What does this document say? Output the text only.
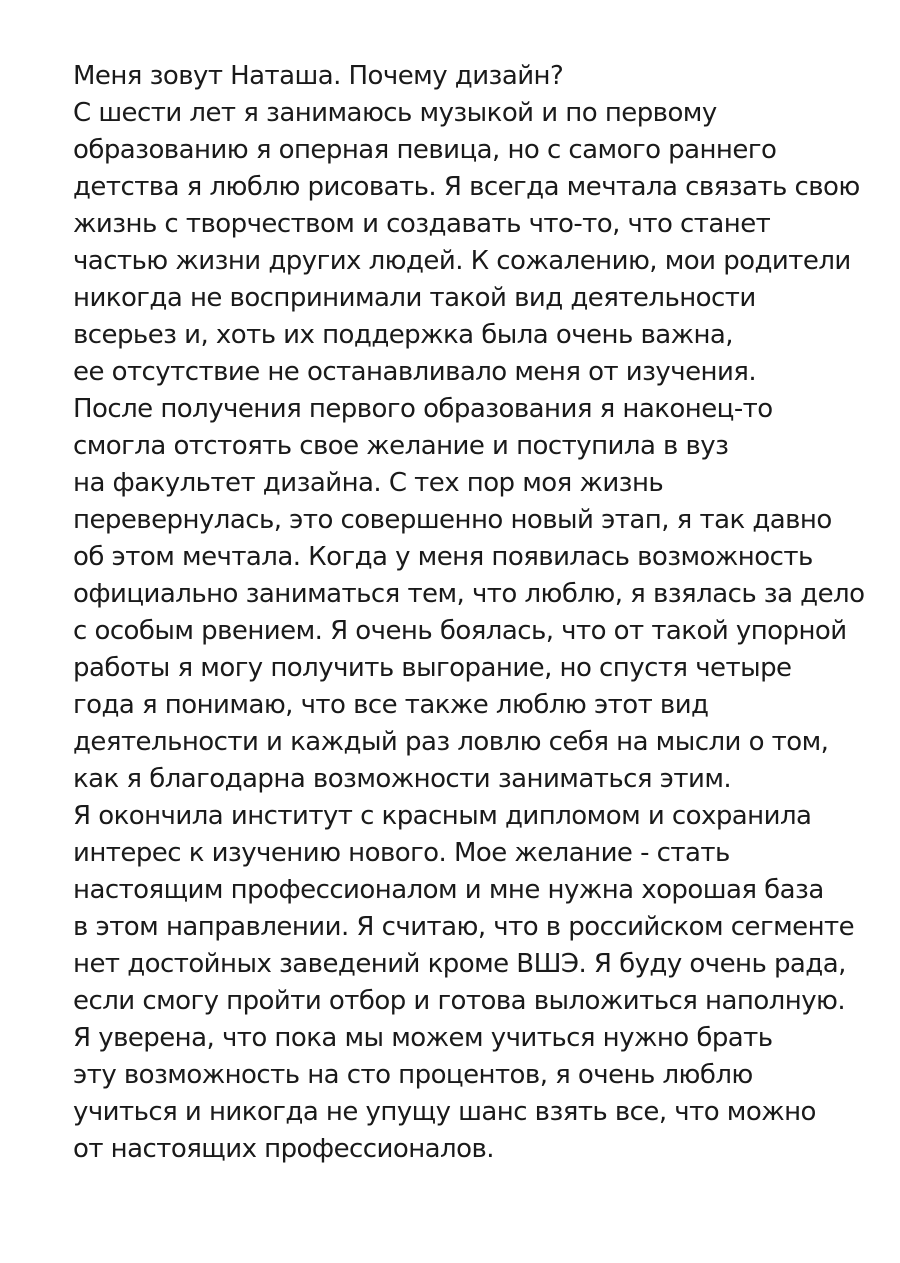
Меня зовут Наташа. Почему дизайн?
С шести лет я занимаюсь музыкой и по первому
образованию я оперная певица, но с самого раннего
детства я люблю рисовать. Я всегда мечтала связать свою
жизнь с творчеством и создавать что-то, что станет
частью жизни других людей. К сожалению, мои родители
никогда не воспринимали такой вид деятельности
всерьез и, хоть их поддержка была очень важна,
ее отсутствие не останавливало меня от изучения.
После получения первого образования я наконец-то
смогла отстоять свое желание и поступила в вуз
на факультет дизайна. С тех пор моя жизнь
перевернулась, это совершенно новый этап, я так давно
об этом мечтала. Когда у меня появилась возможность
официально заниматься тем, что люблю, я взялась за дело
с особым рвением. Я очень боялась, что от такой упорной
работы я могу получить выгорание, но спустя четыре
года я понимаю, что все также люблю этот вид
деятельности и каждый раз ловлю себя на мысли о том,
как я благодарна возможности заниматься этим.
Я окончила институт с красным дипломом и сохранила
интерес к изучению нового. Мое желание - стать
настоящим профессионалом и мне нужна хорошая база
в этом направлении. Я считаю, что в российском сегменте
нет достойных заведений кроме ВШЭ. Я буду очень рада,
если смогу пройти отбор и готова выложиться наполную.
Я уверена, что пока мы можем учиться нужно брать
эту возможность на сто процентов, я очень люблю
учиться и никогда не упущу шанс взять все, что можно
от настоящих профессионалов.
